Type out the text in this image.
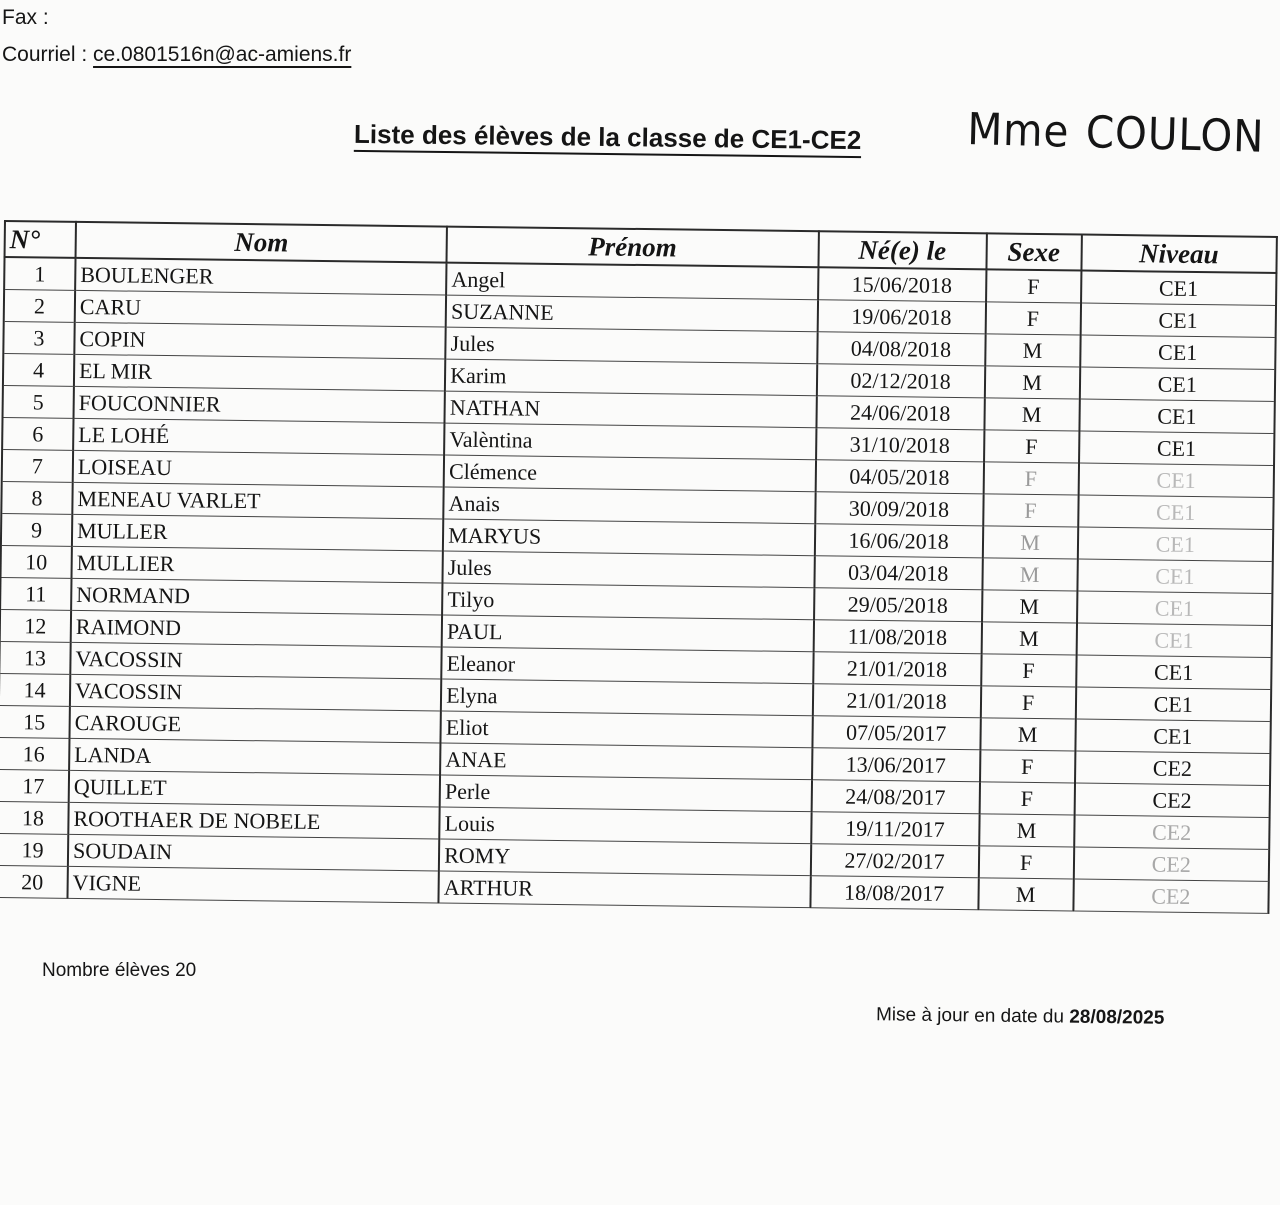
Fax :
Courriel : ce.0801516n@ac-amiens.fr
Liste des élèves de la classe de CE1-CE2 Mme COULON
N°	Nom	Prénom	Né(e) le	Sexe	Niveau
1	BOULENGER	Angel	15/06/2018	F	CE1
2	CARU	SUZANNE	19/06/2018	F	CE1
3	COPIN	Jules	04/08/2018	M	CE1
4	EL MIR	Karim	02/12/2018	M	CE1
5	FOUCONNIER	NATHAN	24/06/2018	M	CE1
6	LE LOHÉ	Valèntina	31/10/2018	F	CE1
7	LOISEAU	Clémence	04/05/2018	F	CE1
8	MENEAU VARLET	Anais	30/09/2018	F	CE1
9	MULLER	MARYUS	16/06/2018	M	CE1
10	MULLIER	Jules	03/04/2018	M	CE1
11	NORMAND	Tilyo	29/05/2018	M	CE1
12	RAIMOND	PAUL	11/08/2018	M	CE1
13	VACOSSIN	Eleanor	21/01/2018	F	CE1
14	VACOSSIN	Elyna	21/01/2018	F	CE1
15	CAROUGE	Eliot	07/05/2017	M	CE1
16	LANDA	ANAE	13/06/2017	F	CE2
17	QUILLET	Perle	24/08/2017	F	CE2
18	ROOTHAER DE NOBELE	Louis	19/11/2017	M	CE2
19	SOUDAIN	ROMY	27/02/2017	F	CE2
20	VIGNE	ARTHUR	18/08/2017	M	CE2
Nombre élèves 20
Mise à jour en date du 28/08/2025
